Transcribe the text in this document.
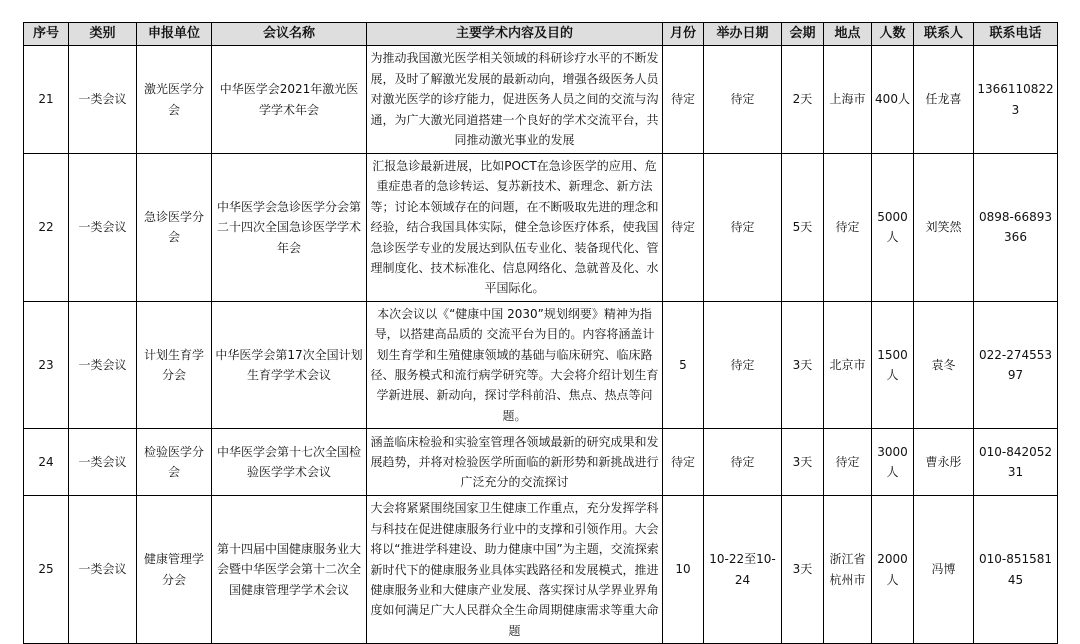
序号	类别	申报单位	会议名称	主要学术内容及目的	月份	举办日期	会期	地点	人数	联系人	联系电话
21	一类会议	激光医学分会	中华医学会2021年激光医学学术年会	为推动我国激光医学相关领域的科研诊疗水平的不断发展，及时了解激光发展的最新动向，增强各级医务人员对激光医学的诊疗能力，促进医务人员之间的交流与沟通，为广大激光同道搭建一个良好的学术交流平台，共同推动激光事业的发展	待定	待定	2天	上海市	400人	任龙喜	13661108223
22	一类会议	急诊医学分会	中华医学会急诊医学分会第二十四次全国急诊医学学术年会	汇报急诊最新进展，比如POCT在急诊医学的应用、危重症患者的急诊转运、复苏新技术、新理念、新方法等；讨论本领域存在的问题，在不断吸取先进的理念和经验，结合我国具体实际，健全急诊医疗体系，使我国急诊医学专业的发展达到队伍专业化、装备现代化、管理制度化、技术标准化、信息网络化、急就普及化、水平国际化。	待定	待定	5天	待定	5000人	刘笑然	0898-66893366
23	一类会议	计划生育学分会	中华医学会第17次全国计划生育学学术会议	本次会议以《“健康中国 2030”规划纲要》精神为指导，以搭建高品质的 交流平台为目的。内容将涵盖计划生育学和生殖健康领域的基础与临床研究、临床路径、服务模式和流行病学研究等。大会将介绍计划生育学新进展、新动向，探讨学科前沿、焦点、热点等问题。	5	待定	3天	北京市	1500人	袁冬	022-27455397
24	一类会议	检验医学分会	中华医学会第十七次全国检验医学学术会议	涵盖临床检验和实验室管理各领域最新的研究成果和发展趋势，并将对检验医学所面临的新形势和新挑战进行广泛充分的交流探讨	待定	待定	3天	待定	3000人	曹永彤	010-84205231
25	一类会议	健康管理学分会	第十四届中国健康服务业大会暨中华医学会第十二次全国健康管理学学术会议	大会将紧紧围绕国家卫生健康工作重点，充分发挥学科与科技在促进健康服务行业中的支撑和引领作用。大会将以“推进学科建设、助力健康中国”为主题，交流探索新时代下的健康服务业具体实践路径和发展模式，推进健康服务业和大健康产业发展、落实探讨从学界业界角度如何满足广大人民群众全生命周期健康需求等重大命题	10	10-22至10-24	3天	浙江省杭州市	2000人	冯博	010-85158145
